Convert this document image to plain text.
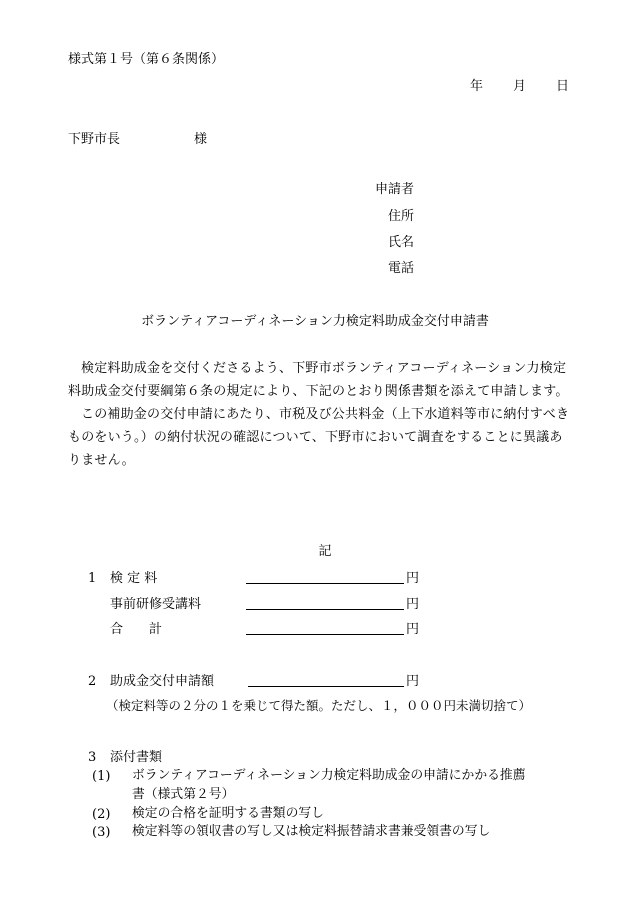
様式第１号（第６条関係）
年 月 日
下野市長	様
申請者
住所
氏名
電話
ボランティアコーディネーション力検定料助成金交付申請書

検定料助成金を交付くださるよう、下野市ボランティアコーディネーション力検定料助成金交付要綱第６条の規定により、下記のとおり関係書類を添えて申請します。

この補助金の交付申請にあたり、市税及び公共料金（上下水道料等市に納付すべきものをいう。）の納付状況の確認について、下野市において調査をすることに異議ありません。

記
1 検 定 料	円
事前研修受講料	円
合　　計	円
2 助成金交付申請額	円
（検定料等の２分の１を乗じて得た額。ただし、１，０００円未満切捨て）
3 添付書類
(1) ボランティアコーディネーション力検定料助成金の申請にかかる推薦
書（様式第２号）
(2) 検定の合格を証明する書類の写し
(3) 検定料等の領収書の写し又は検定料振替請求書兼受領書の写し
